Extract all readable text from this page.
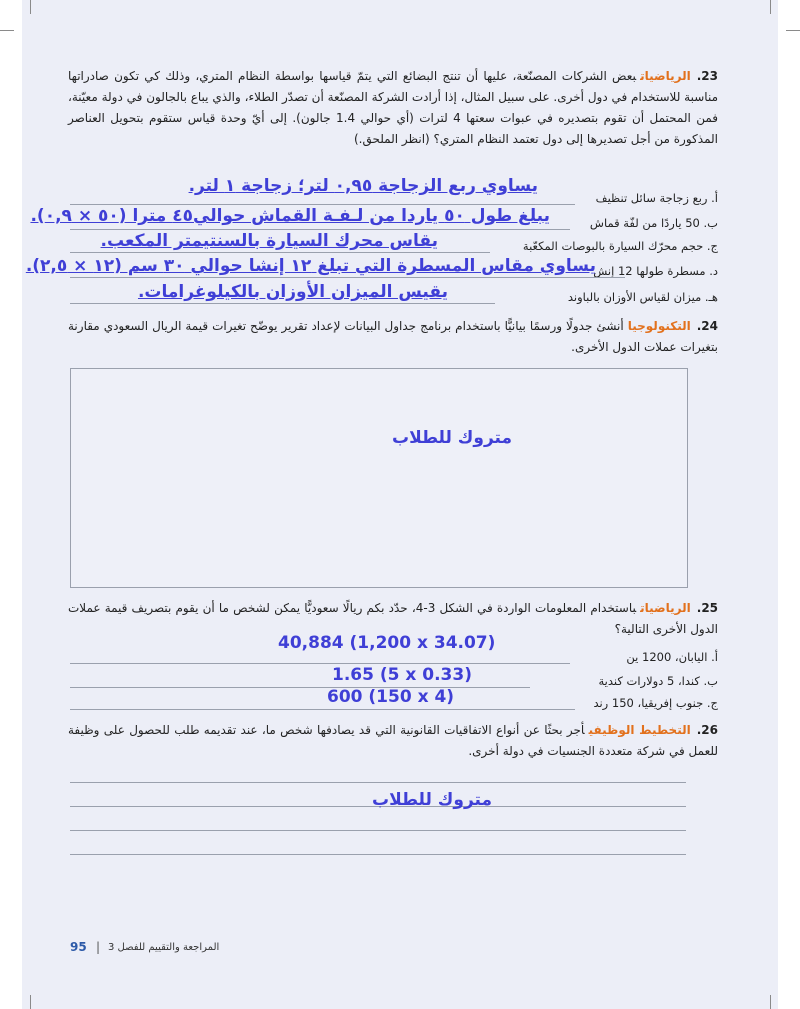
23.الرياضياتبعض الشركات المصنّعة، عليها أن تنتج البضائع التي يتمّ قياسها بواسطة النظام المتري، وذلك كي تكون صادراتها مناسبة للاستخدام في دول أخرى. على سبيل المثال، إذا أرادت الشركة المصنّعة أن تصدّر الطلاء، والذي يباع بالجالون في دولة معيّنة، فمن المحتمل أن تقوم بتصديره في عبوات سعتها 4 لترات (أي حوالي 1.4 جالون). إلى أيّ وحدة قياس ستقوم بتحويل العناصر المذكورة من أجل تصديرها إلى دول تعتمد النظام المتري؟ (انظر الملحق.)
أ. ربع زجاجة سائل تنظيف
يساوي ربع الزجاجة ٠,٩٥ لتر؛ زجاجة ١ لتر.
ب. 50 ياردًا من لفّة قماش
يبلغ طول ٥٠ ياردا من لـفـة القماش حوالي٤٥ مترا (٥٠ × ٠,٩).
ج. حجم محرّك السيارة بالبوصات المكعّبة
يقاس محرك السيارة بالسنتيمتر المكعب.
د. مسطرة طولها 12 إنش
يساوي مقاس المسطرة التي تبلغ ١٢ إنشا حوالي ٣٠ سم (١٢ × ٢,٥).
هـ. ميزان لقياس الأوزان بالباوند
يقيس الميزان الأوزان بالكيلوغرامات.
24.التكنولوجياأنشئ جدولًا ورسمًا بيانيًّا باستخدام برنامج جداول البيانات لإعداد تقرير يوضّح تغيرات قيمة الريال السعودي مقارنة بتغيرات عملات الدول الأخرى.
متروك للطلاب
25.الرياضياتباستخدام المعلومات الواردة في الشكل 3-4، حدّد بكم ريالًا سعوديًّا يمكن لشخص ما أن يقوم بتصريف قيمة عملات الدول الأخرى التالية؟
40,884 (1,200 x 34.07)
أ. اليابان، 1200 ين
1.65 (5 x 0.33)	ب. كندا، 5 دولارات كندية
600 (150 x 4)	ج. جنوب إفريقيا، 150 رند
26.التخطيط الوظيفيأجر بحثًا عن أنواع الاتفاقيات القانونية التي قد يصادفها شخص ما، عند تقديمه طلب للحصول على وظيفة للعمل في شركة متعددة الجنسيات في دولة أخرى.
متروك للطلاب
95 | المراجعة والتقييم للفصل 3
